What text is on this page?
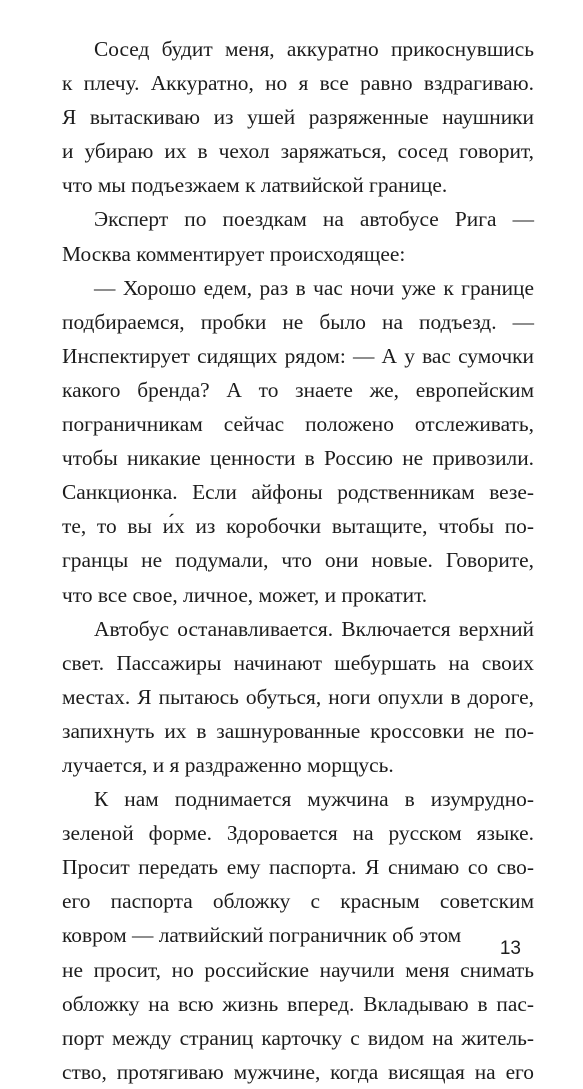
Сосед будит меня, аккуратно прикоснувшись
к плечу. Аккуратно, но я все равно вздрагиваю.
Я вытаскиваю из ушей разряженные наушники
и убираю их в чехол заряжаться, сосед говорит,
что мы подъезжаем к латвийской границе.
Эксперт по поездкам на автобусе Рига —
Москва комментирует происходящее:
— Хорошо едем, раз в час ночи уже к границе
подбираемся, пробки не было на подъезд. —
Инспектирует сидящих рядом: — А у вас сумочки
какого бренда? А то знаете же, европейским
пограничникам сейчас положено отслеживать,
чтобы никакие ценности в Россию не привозили.
Санкционка. Если айфоны родственникам везе-
те, то вы и́х из коробочки вытащите, чтобы по-
гранцы не подумали, что они новые. Говорите,
что все свое, личное, может, и прокатит.
Автобус останавливается. Включается верхний
свет. Пассажиры начинают шебуршать на своих
местах. Я пытаюсь обуться, ноги опухли в дороге,
запихнуть их в зашнурованные кроссовки не по-
лучается, и я раздраженно морщусь.
К нам поднимается мужчина в изумрудно-
зеленой форме. Здоровается на русском языке.
Просит передать ему паспорта. Я снимаю со сво-
его паспорта обложку с красным советским
ковром — латвийский пограничник об этом
не просит, но российские научили меня снимать
обложку на всю жизнь вперед. Вкладываю в пас-
порт между страниц карточку с видом на житель-
ство, протягиваю мужчине, когда висящая на его
13
